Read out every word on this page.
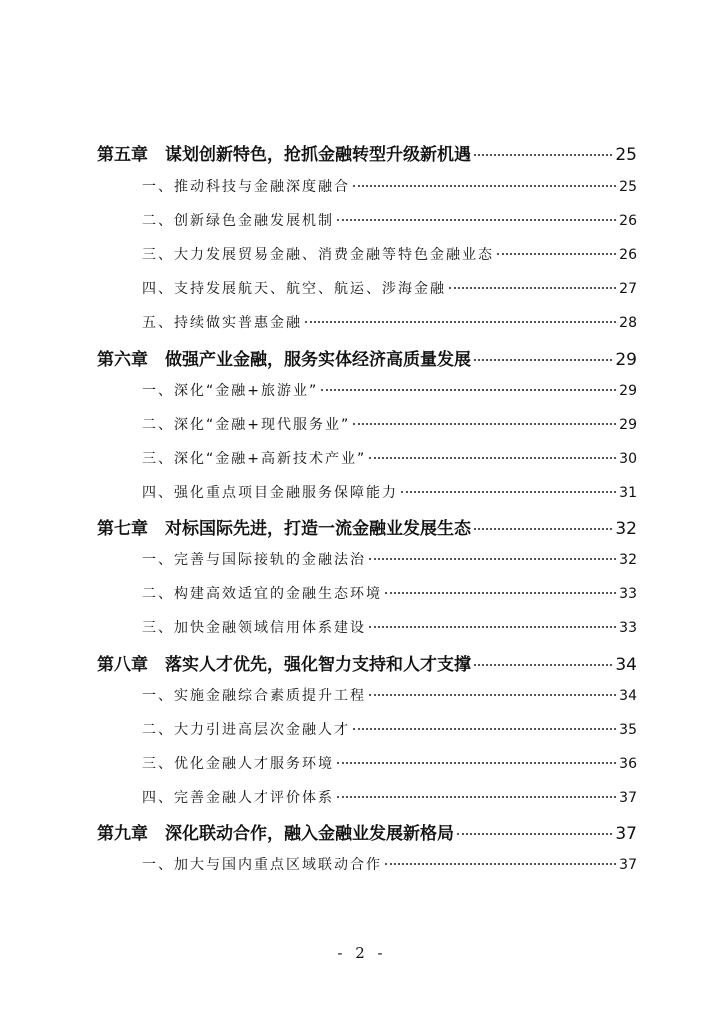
第五章　谋划创新特色，抢抓金融转型升级新机遇	25
一、推动科技与金融深度融合	25
二、创新绿色金融发展机制	26
三、大力发展贸易金融、消费金融等特色金融业态	26
四、支持发展航天、航空、航运、涉海金融	27
五、持续做实普惠金融	28
第六章　做强产业金融，服务实体经济高质量发展	29
一、深化“金融+旅游业”	29
二、深化“金融+现代服务业”	29
三、深化“金融+高新技术产业”	30
四、强化重点项目金融服务保障能力	31
第七章　对标国际先进，打造一流金融业发展生态	32
一、完善与国际接轨的金融法治	32
二、构建高效适宜的金融生态环境	33
三、加快金融领域信用体系建设	33
第八章　落实人才优先，强化智力支持和人才支撑	34
一、实施金融综合素质提升工程	34
二、大力引进高层次金融人才	35
三、优化金融人才服务环境	36
四、完善金融人才评价体系	37
第九章　深化联动合作，融入金融业发展新格局	37
一、加大与国内重点区域联动合作	37
- 2 -
